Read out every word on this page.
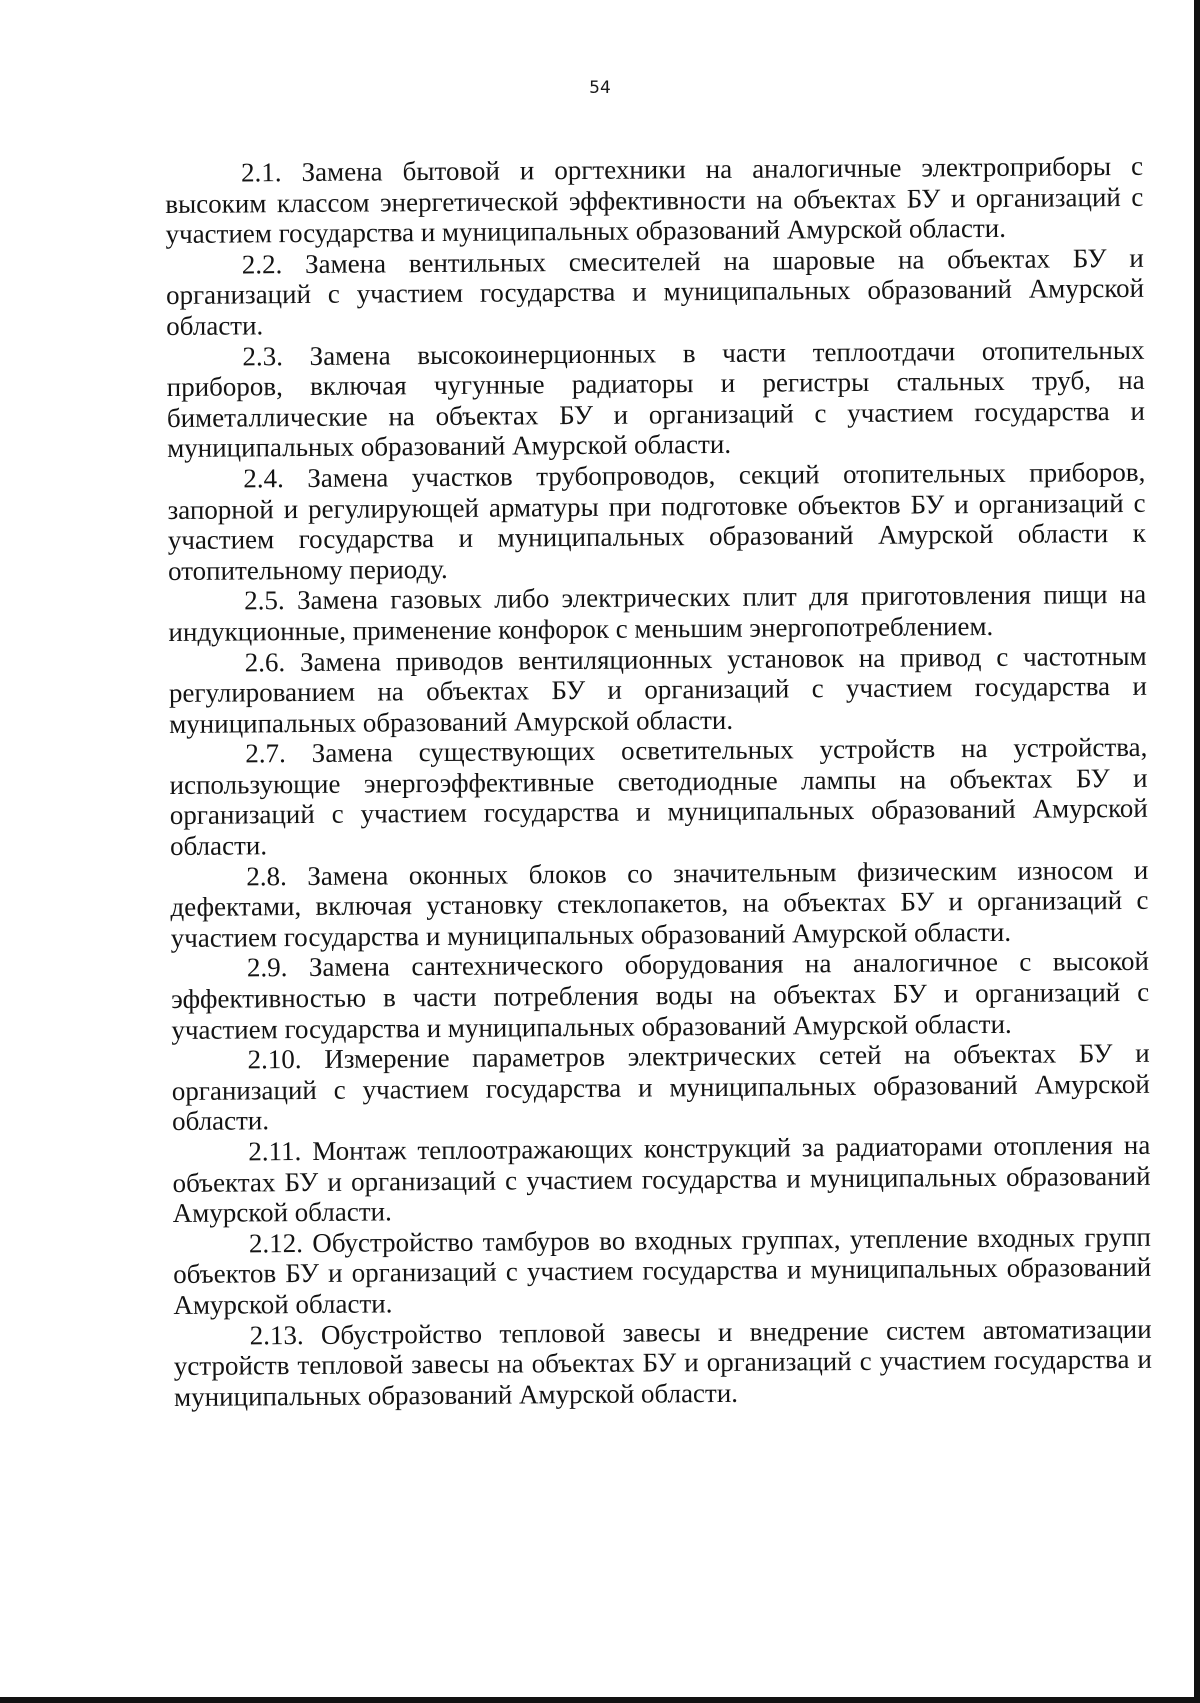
54

2.1. Замена бытовой и оргтехники на аналогичные электроприборы с высоким классом энергетической эффективности на объектах БУ и организаций с участием государства и муниципальных образований Амурской области.

2.2. Замена вентильных смесителей на шаровые на объектах БУ и организаций с участием государства и муниципальных образований Амурской области.

2.3. Замена высокоинерционных в части теплоотдачи отопительных приборов, включая чугунные радиаторы и регистры стальных труб, на биметаллические на объектах БУ и организаций с участием государства и муниципальных образований Амурской области.

2.4. Замена участков трубопроводов, секций отопительных приборов, запорной и регулирующей арматуры при подготовке объектов БУ и организаций с участием государства и муниципальных образований Амурской области к отопительному периоду.

2.5. Замена газовых либо электрических плит для приготовления пищи на индукционные, применение конфорок с меньшим энергопотреблением.

2.6. Замена приводов вентиляционных установок на привод с частотным регулированием на объектах БУ и организаций с участием государства и муниципальных образований Амурской области.

2.7. Замена существующих осветительных устройств на устройства, использующие энергоэффективные светодиодные лампы на объектах БУ и организаций с участием государства и муниципальных образований Амурской области.

2.8. Замена оконных блоков со значительным физическим износом и дефектами, включая установку стеклопакетов, на объектах БУ и организаций с участием государства и муниципальных образований Амурской области.

2.9. Замена сантехнического оборудования на аналогичное с высокой эффективностью в части потребления воды на объектах БУ и организаций с участием государства и муниципальных образований Амурской области.

2.10. Измерение параметров электрических сетей на объектах БУ и организаций с участием государства и муниципальных образований Амурской области.

2.11. Монтаж теплоотражающих конструкций за радиаторами отопления на объектах БУ и организаций с участием государства и муниципальных образований Амурской области.

2.12. Обустройство тамбуров во входных группах, утепление входных групп объектов БУ и организаций с участием государства и муниципальных образований Амурской области.

2.13. Обустройство тепловой завесы и внедрение систем автоматизации устройств тепловой завесы на объектах БУ и организаций с участием государства и муниципальных образований Амурской области.
